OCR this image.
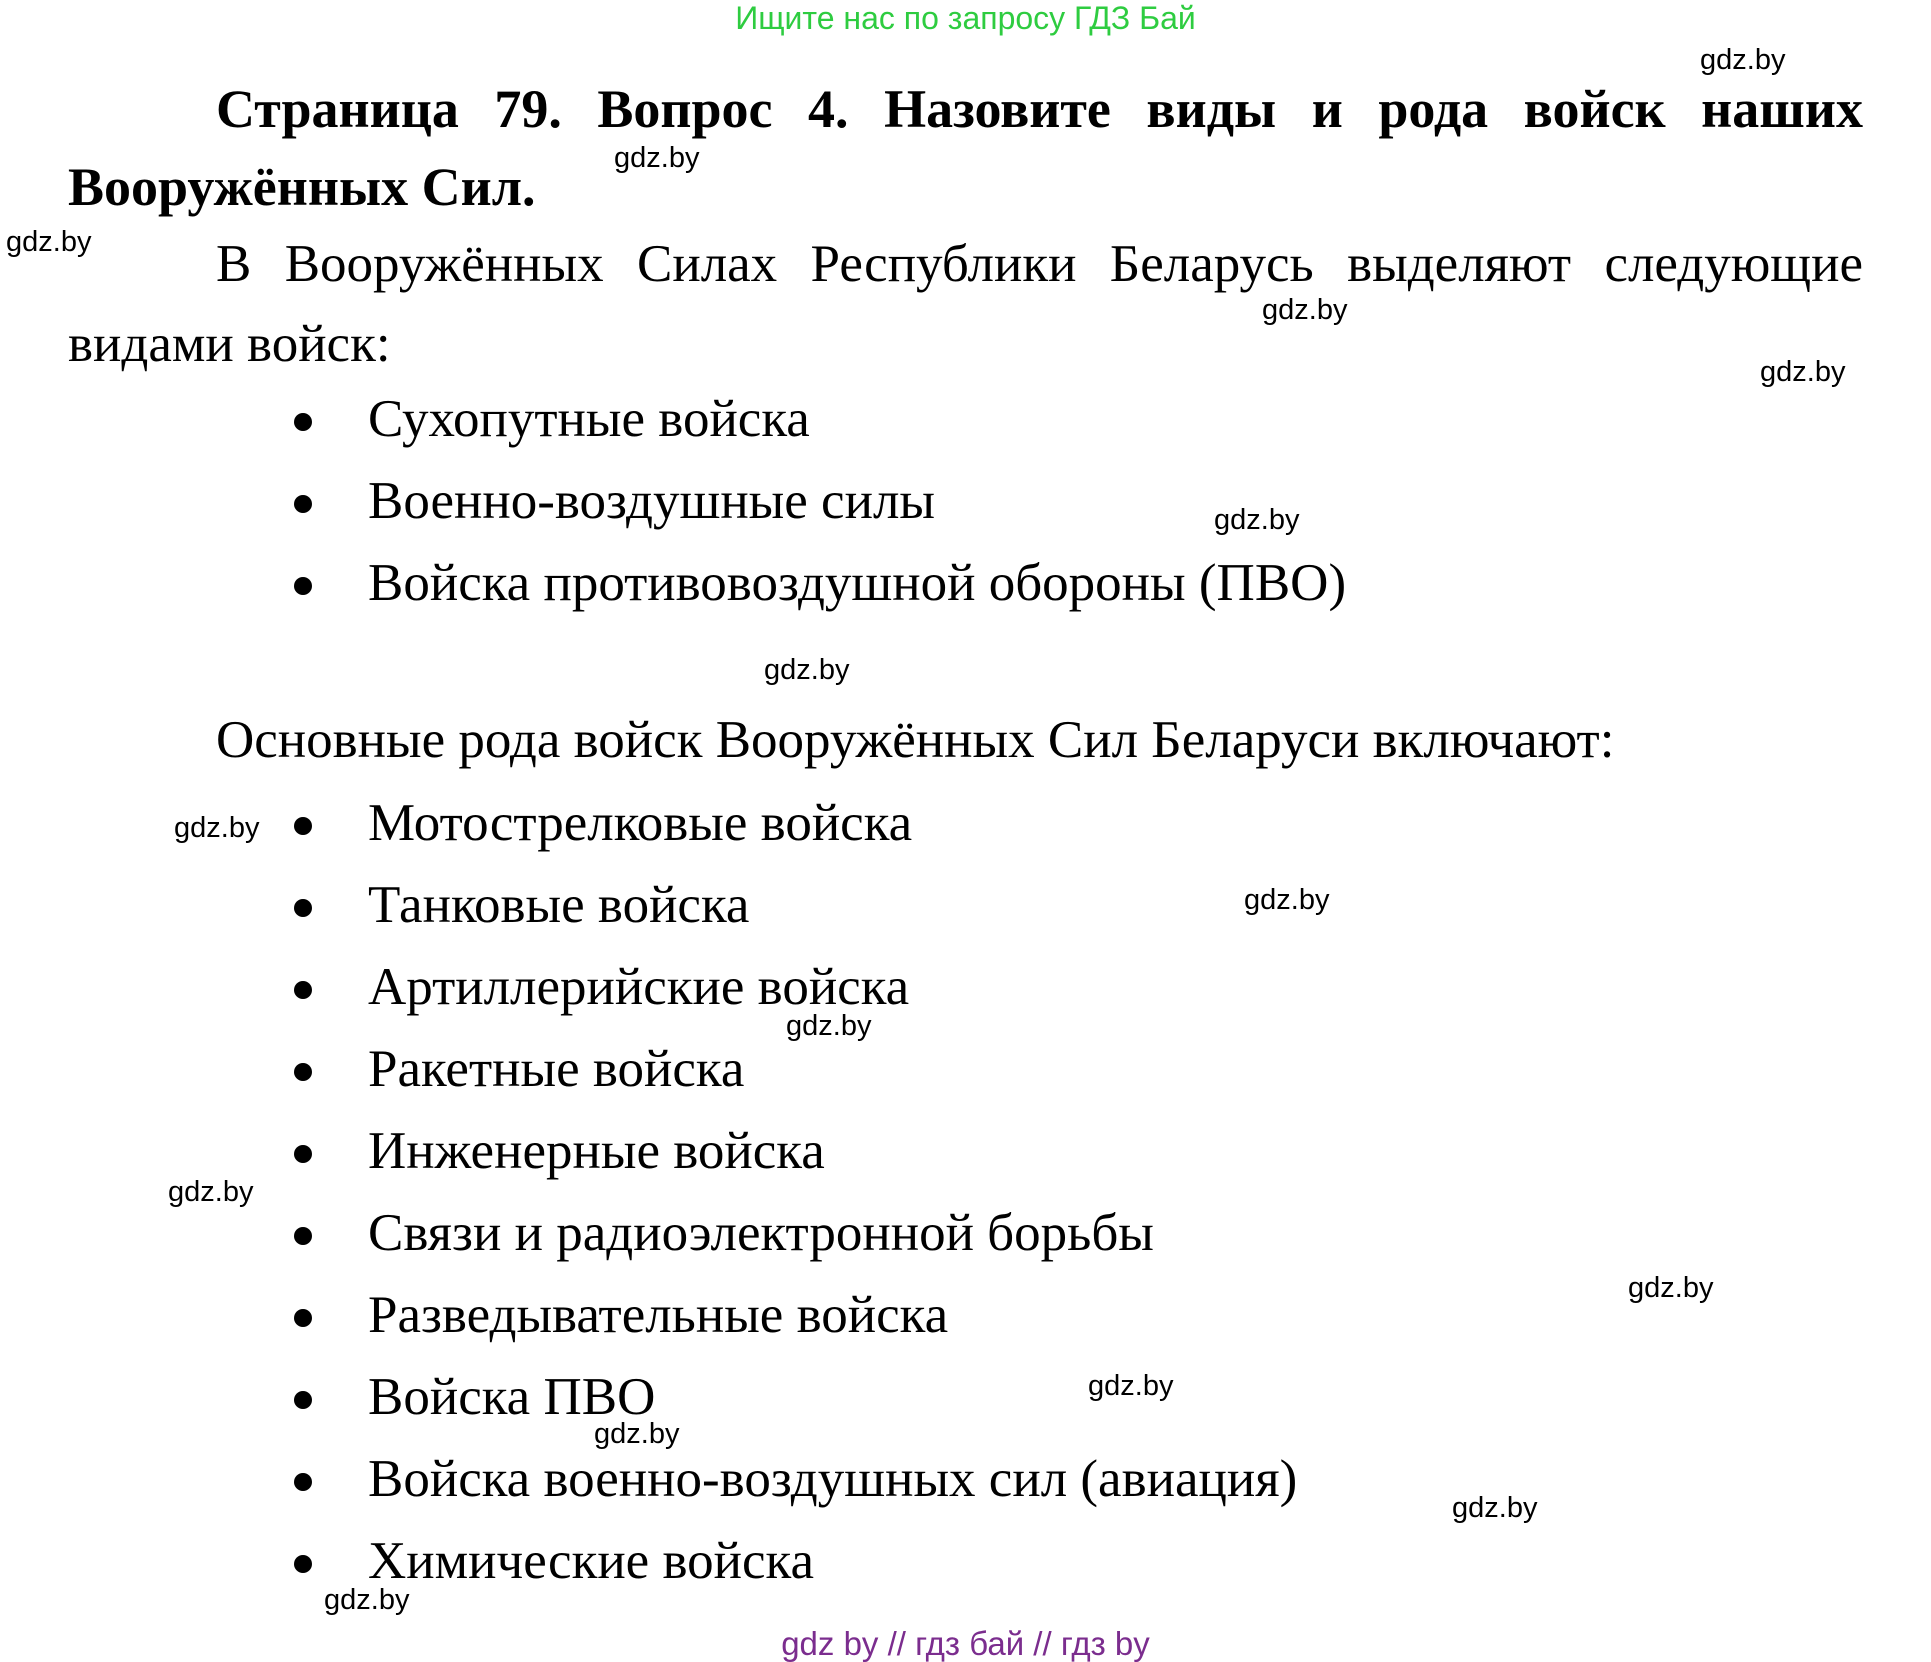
Ищите нас по запросу ГДЗ Бай

Страница 79. Вопрос 4. Назовите виды и рода войск наших Вооружённых Сил.

В Вооружённых Силах Республики Беларусь выделяют следующие видами войск:

Сухопутные войска
Военно-воздушные силы
Войска противовоздушной обороны (ПВО)

Основные рода войск Вооружённых Сил Беларуси включают:

Мотострелковые войска
Танковые войска
Артиллерийские войска
Ракетные войска
Инженерные войска
Связи и радиоэлектронной борьбы
Разведывательные войска
Войска ПВО
Войска военно-воздушных сил (авиация)
Химические войска
gdz.by
gdz.by
gdz.by
gdz.by
gdz.by
gdz.by
gdz.by
gdz.by
gdz.by
gdz.by
gdz.by
gdz.by
gdz.by
gdz.by
gdz.by
gdz.by
gdz by // гдз бай // гдз by
